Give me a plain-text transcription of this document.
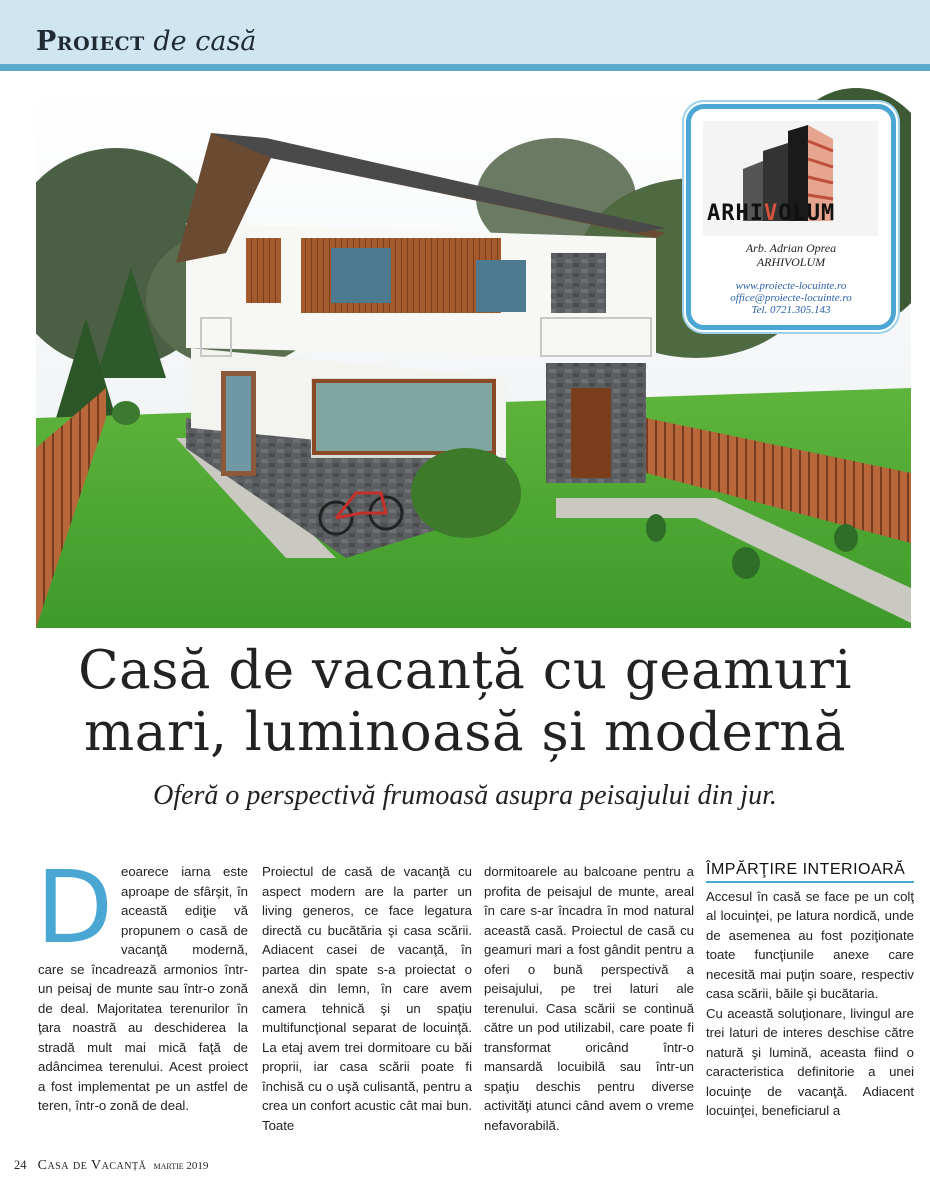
Proiect de casă
ARHIVOLUM
Arb. Adrian Oprea
ARHIVOLUM
www.proiecte-locuinte.ro
office@proiecte-locuinte.ro
Tel. 0721.305.143
Casă de vacanță cu geamuri
mari, luminoasă și modernă
Oferă o perspectivă frumoasă asupra peisajului din jur.
D eoarece iarna este aproape de sfârşit, în această ediţie vă propunem o casă de vacanţă modernă, care se încadrează armonios într-un peisaj de munte sau într-o zonă de deal. Majoritatea terenurilor în ţara noastră au deschiderea la stradă mult mai mică faţă de adâncimea terenului. Acest proiect a fost implementat pe un astfel de teren, într-o zonă de deal.
Proiectul de casă de vacanţă cu aspect modern are la parter un living generos, ce face legatura directă cu bucătăria şi casa scării. Adiacent casei de vacanţă, în partea din spate s-a proiectat o anexă din lemn, în care avem camera tehnică şi un spaţiu multifuncţional separat de locuinţă. La etaj avem trei dormitoare cu băi proprii, iar casa scării poate fi închisă cu o uşă culisantă, pentru a crea un confort acustic cât mai bun. Toate
dormitoarele au balcoane pentru a profita de peisajul de munte, areal în care s-ar încadra în mod natural această casă. Proiectul de casă cu geamuri mari a fost gândit pentru a oferi o bună perspectivă a peisajului, pe trei laturi ale terenului. Casa scării se continuă către un pod utilizabil, care poate fi transformat oricând într-o mansardă locuibilă sau într-un spaţiu deschis pentru diverse activităţi atunci când avem o vreme nefavorabilă.
ÎMPĂRŢIRE INTERIOARĂ

Accesul în casă se face pe un colţ al locuinţei, pe latura nordică, unde de asemenea au fost poziţionate toate funcţiunile anexe care necesită mai puţin soare, respectiv casa scării, băile şi bucătaria.

Cu această soluţionare, livingul are trei laturi de interes deschise către natură şi lumină, aceasta fiind o caracteristica definitorie a unei locuinţe de vacanţă. Adiacent locuinţei, beneficiarul a

24 Casa de Vacanță martie 2019
